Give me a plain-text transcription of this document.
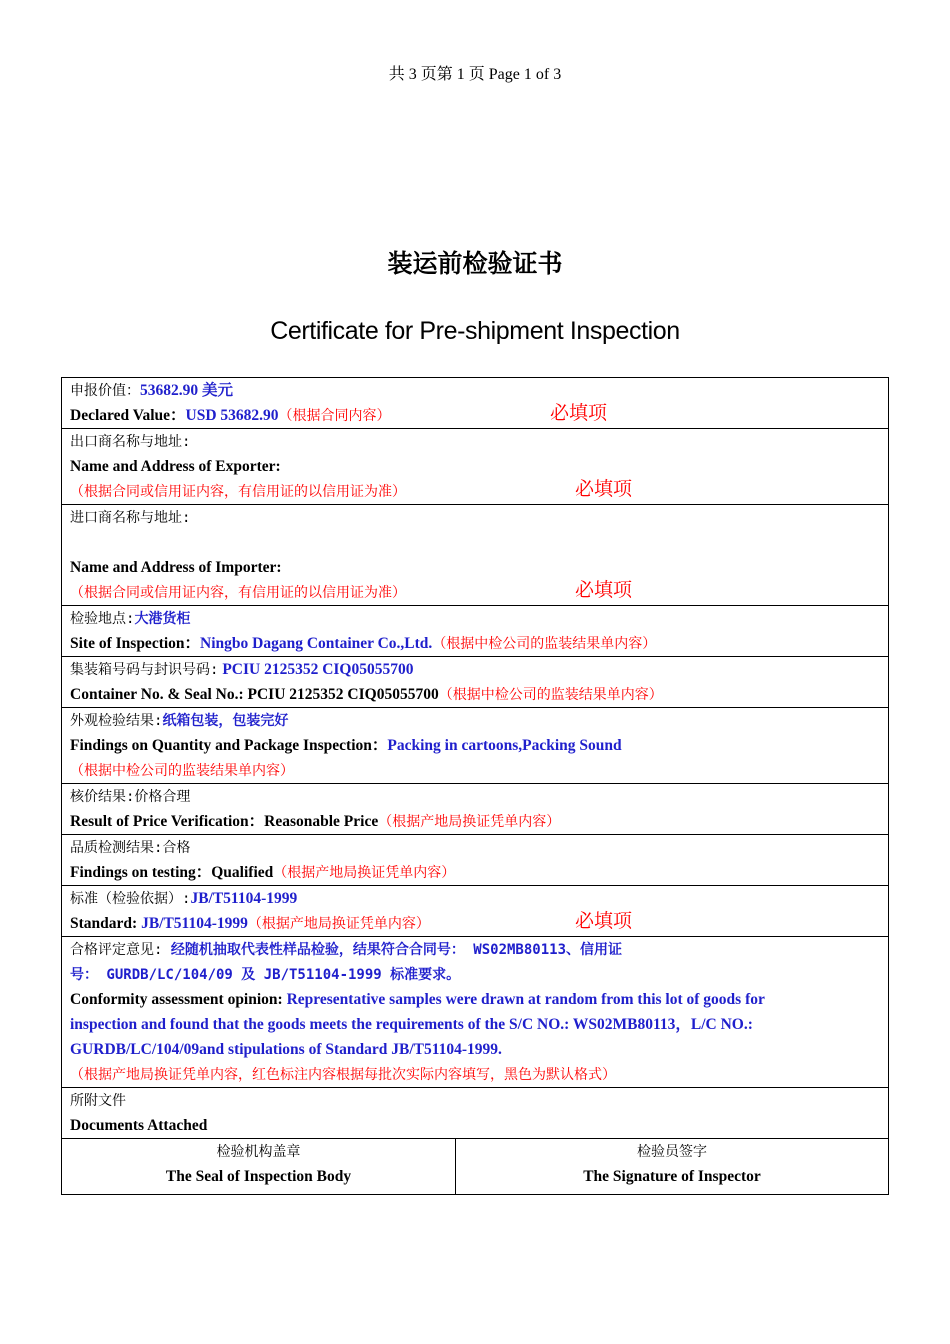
共 3 页第 1 页 Page 1 of 3
装运前检验证书
Certificate for Pre-shipment Inspection
申报价值：53682.90 美元
Declared Value：USD 53682.90（根据合同内容）	必填项

出口商名称与地址:
Name and Address of Exporter:
（根据合同或信用证内容，有信用证的以信用证为准）	必填项

进口商名称与地址:
Name and Address of Importer:
（根据合同或信用证内容，有信用证的以信用证为准）	必填项

检验地点:大港货柜
Site of Inspection：Ningbo Dagang Container Co.,Ltd.（根据中检公司的监装结果单内容）

集装箱号码与封识号码: PCIU 2125352 CIQ05055700
Container No. & Seal No.: PCIU 2125352 CIQ05055700（根据中检公司的监装结果单内容）

外观检验结果:纸箱包装，包装完好
Findings on Quantity and Package Inspection：Packing in cartoons,Packing Sound
（根据中检公司的监装结果单内容）

核价结果:价格合理
Result of Price Verification：Reasonable Price（根据产地局换证凭单内容）

品质检测结果:合格
Findings on testing：Qualified（根据产地局换证凭单内容）

标准（检验依据）:JB/T51104-1999
Standard: JB/T51104-1999（根据产地局换证凭单内容）	必填项

合格评定意见: 经随机抽取代表性样品检验，结果符合合同号： WS02MB80113、信用证
号： GURDB/LC/104/09 及 JB/T51104-1999 标准要求。
Conformity assessment opinion: Representative samples were drawn at random from this lot of goods for
inspection and found that the goods meets the requirements of the S/C NO.: WS02MB80113，L/C NO.:
GURDB/LC/104/09and stipulations of Standard JB/T51104-1999.
（根据产地局换证凭单内容，红色标注内容根据每批次实际内容填写，黑色为默认格式）

所附文件
Documents Attached

检验机构盖章
The Seal of Inspection Body

检验员签字
The Signature of Inspector
